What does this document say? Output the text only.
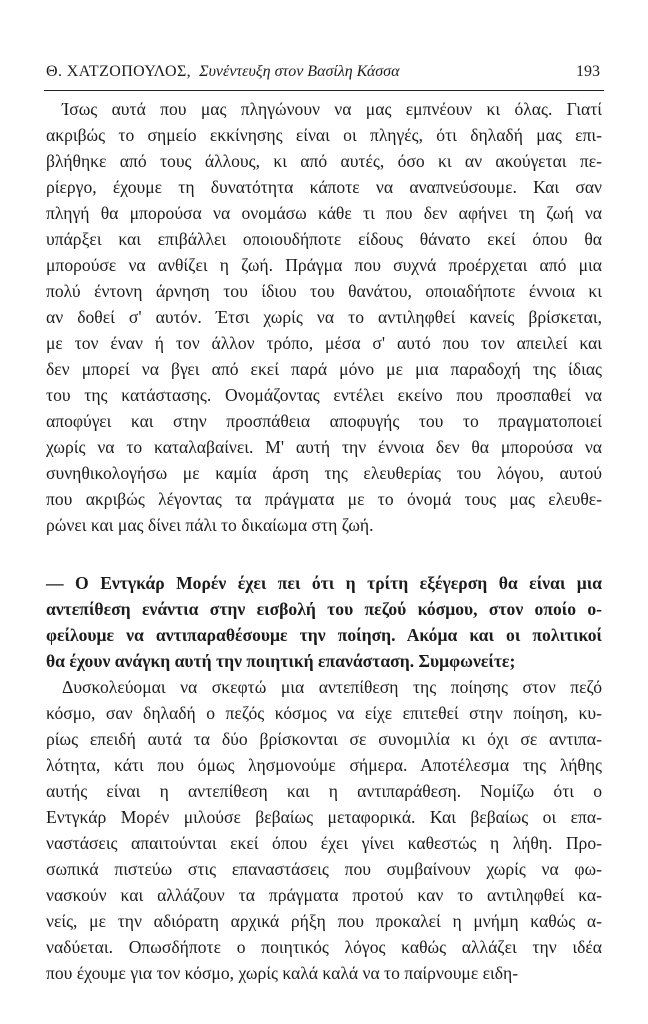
Θ. ΧΑΤΖΟΠΟΥΛΟΣ, Συνέντευξη στον Βασίλη Κάσσα	193
Ίσως αυτά που μας πληγώνουν να μας εμπνέουν κι όλας. Γιατί
ακριβώς το σημείο εκκίνησης είναι οι πληγές, ότι δηλαδή μας επι-
βλήθηκε από τους άλλους, κι από αυτές, όσο κι αν ακούγεται πε-
ρίεργο, έχουμε τη δυνατότητα κάποτε να αναπνεύσουμε. Και σαν
πληγή θα μπορούσα να ονομάσω κάθε τι που δεν αφήνει τη ζωή να
υπάρξει και επιβάλλει οποιουδήποτε είδους θάνατο εκεί όπου θα
μπορούσε να ανθίζει η ζωή. Πράγμα που συχνά προέρχεται από μια
πολύ έντονη άρνηση του ίδιου του θανάτου, οποιαδήποτε έννοια κι
αν δοθεί σ' αυτόν. Έτσι χωρίς να το αντιληφθεί κανείς βρίσκεται,
με τον έναν ή τον άλλον τρόπο, μέσα σ' αυτό που τον απειλεί και
δεν μπορεί να βγει από εκεί παρά μόνο με μια παραδοχή της ίδιας
του της κατάστασης. Ονομάζοντας εντέλει εκείνο που προσπαθεί να
αποφύγει και στην προσπάθεια αποφυγής του το πραγματοποιεί
χωρίς να το καταλαβαίνει. Μ' αυτή την έννοια δεν θα μπορούσα να
συνηθικολογήσω με καμία άρση της ελευθερίας του λόγου, αυτού
που ακριβώς λέγοντας τα πράγματα με το όνομά τους μας ελευθε-
ρώνει και μας δίνει πάλι το δικαίωμα στη ζωή.
— Ο Εντγκάρ Μορέν έχει πει ότι η τρίτη εξέγερση θα είναι μια
αντεπίθεση ενάντια στην εισβολή του πεζού κόσμου, στον οποίο ο-
φείλουμε να αντιπαραθέσουμε την ποίηση. Ακόμα και οι πολιτικοί
θα έχουν ανάγκη αυτή την ποιητική επανάσταση. Συμφωνείτε;
Δυσκολεύομαι να σκεφτώ μια αντεπίθεση της ποίησης στον πεζό
κόσμο, σαν δηλαδή ο πεζός κόσμος να είχε επιτεθεί στην ποίηση, κυ-
ρίως επειδή αυτά τα δύο βρίσκονται σε συνομιλία κι όχι σε αντιπα-
λότητα, κάτι που όμως λησμονούμε σήμερα. Αποτέλεσμα της λήθης
αυτής είναι η αντεπίθεση και η αντιπαράθεση. Νομίζω ότι ο
Εντγκάρ Μορέν μιλούσε βεβαίως μεταφορικά. Και βεβαίως οι επα-
ναστάσεις απαιτούνται εκεί όπου έχει γίνει καθεστώς η λήθη. Προ-
σωπικά πιστεύω στις επαναστάσεις που συμβαίνουν χωρίς να φω-
νασκούν και αλλάζουν τα πράγματα προτού καν το αντιληφθεί κα-
νείς, με την αδιόρατη αρχικά ρήξη που προκαλεί η μνήμη καθώς α-
ναδύεται. Οπωσδήποτε ο ποιητικός λόγος καθώς αλλάζει την ιδέα
που έχουμε για τον κόσμο, χωρίς καλά καλά να το παίρνουμε ειδη-
